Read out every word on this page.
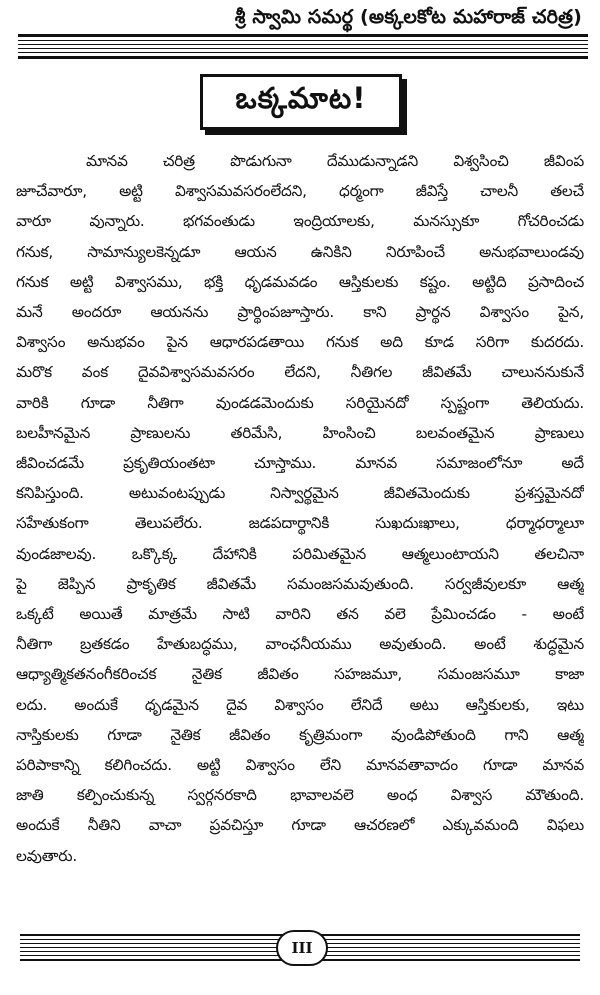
శ్రీ స్వామి సమర్థ (అక్కలకోట మహారాజ్ చరిత్ర)
ఒక్కమాట!
మానవ చరిత్ర పొడుగునా దేముడున్నాడని విశ్వసించి జీవింప
జూచేవారూ, అట్టి విశ్వాసమవసరంలేదని, ధర్మంగా జీవిస్తే చాలనీ తలచే
వారూ వున్నారు. భగవంతుడు ఇంద్రియాలకు, మనస్సుకూ గోచరించడు
గనుక, సామాన్యులకెన్నడూ ఆయన ఉనికిని నిరూపించే అనుభవాలుండవు
గనుక అట్టి విశ్వాసము, భక్తి ధృడమవడం ఆస్తికులకు కష్టం. అట్టిది ప్రసాదించ
మనే అందరూ ఆయనను ప్రార్థింపజూస్తారు. కాని ప్రార్థన విశ్వాసం పైన,
విశ్వాసం అనుభవం పైన ఆధారపడతాయి గనుక అది కూడ సరిగా కుదరదు.
మరొక వంక దైవవిశ్వాసమవసరం లేదని, నీతిగల జీవితమే చాలుననుకునే
వారికి గూడా నీతిగా వుండడమెందుకు సరియైనదో స్పష్టంగా తెలియదు.
బలహీనమైన ప్రాణులను తరిమేసి, హింసించి బలవంతమైన ప్రాణులు
జీవించడమే ప్రకృతియంతటా చూస్తాము. మానవ సమాజంలోనూ అదే
కనిపిస్తుంది. అటువంటప్పుడు నిస్వార్థమైన జీవితమెందుకు ప్రశస్తమైనదో
సహేతుకంగా తెలుపలేరు. జడపదార్థానికి సుఖదుఃఖాలు, ధర్మాధర్మాలూ
వుండజాలవు. ఒక్కొక్క దేహానికి పరిమితమైన ఆత్మలుంటాయని తలచినా
పై జెప్పిన ప్రాకృతిక జీవితమే సమంజసమవుతుంది. సర్వజీవులకూ ఆత్మ
ఒక్కటే అయితే మాత్రమే సాటి వారిని తన వలె ప్రేమించడం - అంటే
నీతిగా బ్రతకడం హేతుబద్ధము, వాంఛనీయము అవుతుంది. అంటే శుద్ధమైన
ఆధ్యాత్మికతనంగీకరించక నైతిక జీవితం సహజమూ, సమంజసమూ కాజా
లదు. అందుకే ధృడమైన దైవ విశ్వాసం లేనిదే అటు ఆస్తికులకు, ఇటు
నాస్తికులకు గూడా నైతిక జీవితం కృత్రిమంగా వుండిపోతుంది గాని ఆత్మ
పరిపాకాన్ని కలిగించదు. అట్టి విశ్వాసం లేని మానవతావాదం గూడా మానవ
జాతి కల్పించుకున్న స్వర్గనరకాది భావాలవలె అంధ విశ్వాస మౌతుంది.
అందుకే నీతిని వాచా ప్రవచిస్తూ గూడా ఆచరణలో ఎక్కువమంది విఫలు
లవుతారు.
III
